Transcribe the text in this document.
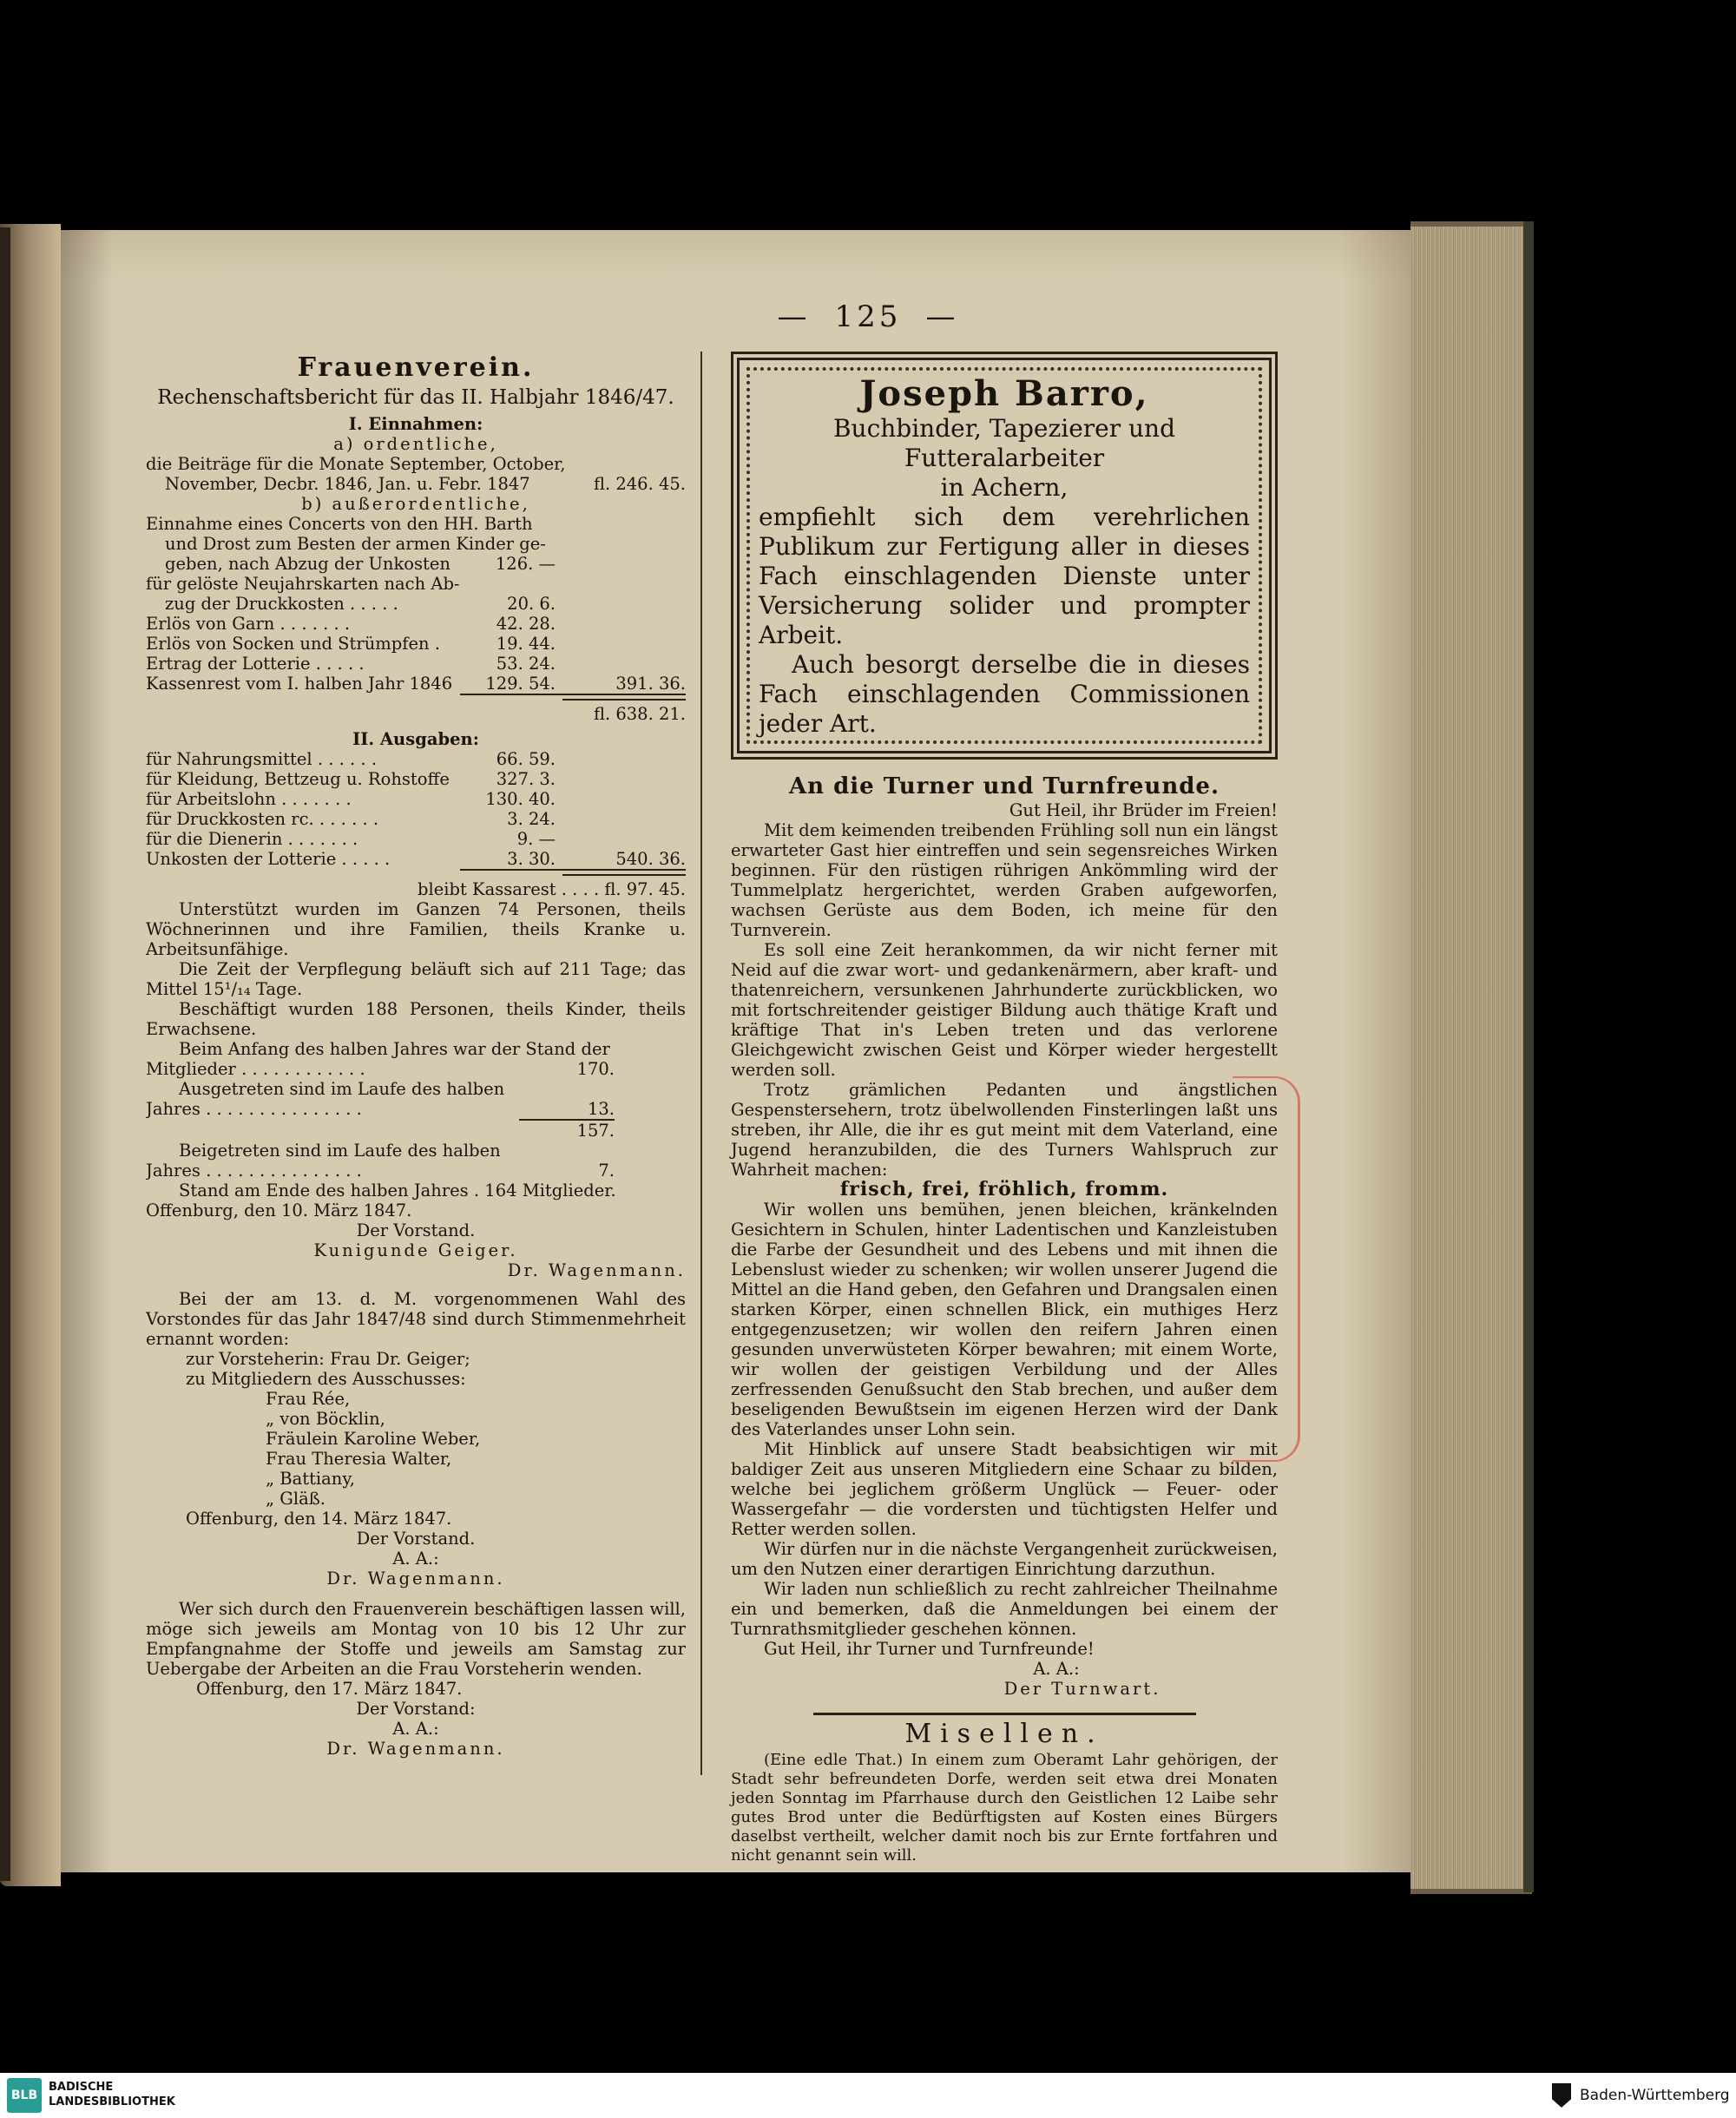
— 125 —
Frauenverein.
Rechenschaftsbericht für das II. Halbjahr 1846/47.
I. Einnahmen:
a) ordentliche,
die Beiträge für die Monate September, October,
November, Decbr. 1846, Jan. u. Febr. 1847	fl. 246. 45.
b) außerordentliche,
Einnahme eines Concerts von den HH. Barth
und Drost zum Besten der armen Kinder ge-
geben, nach Abzug der Unkosten	126. —
für gelöste Neujahrskarten nach Ab-
zug der Druckkosten . . . . .	20. 6.
Erlös von Garn . . . . . . .	42. 28.
Erlös von Socken und Strümpfen .	19. 44.
Ertrag der Lotterie . . . . .	53. 24.
Kassenrest vom I. halben Jahr 1846	129. 54.	391. 36.
fl. 638. 21.
II. Ausgaben:
für Nahrungsmittel . . . . . .	66. 59.
für Kleidung, Bettzeug u. Rohstoffe	327. 3.
für Arbeitslohn . . . . . . .	130. 40.
für Druckkosten rc. . . . . . .	3. 24.
für die Dienerin . . . . . . .	9. —
Unkosten der Lotterie . . . . .	3. 30.	540. 36.
bleibt Kassarest . . . . fl. 97. 45.
Unterstützt wurden im Ganzen 74 Personen, theils Wöchnerinnen und ihre Familien, theils Kranke u. Arbeitsunfähige.
Die Zeit der Verpflegung beläuft sich auf 211 Tage; das Mittel 15¹/₁₄ Tage.
Beschäftigt wurden 188 Personen, theils Kinder, theils Erwachsene.
Beim Anfang des halben Jahres war der Stand der Mitglieder . . . . . . . . . . . .	170.
Ausgetreten sind im Laufe des halben
Jahres . . . . . . . . . . . . . . .	13.
157.
Beigetreten sind im Laufe des halben
Jahres . . . . . . . . . . . . . . .	7.
Stand am Ende des halben Jahres . 164 Mitglieder.
Offenburg, den 10. März 1847.
Der Vorstand.
Kunigunde Geiger.
Dr. Wagenmann.
Bei der am 13. d. M. vorgenommenen Wahl des Vorstondes für das Jahr 1847/48 sind durch Stimmenmehrheit ernannt worden:
zur Vorsteherin: Frau Dr. Geiger;
zu Mitgliedern des Ausschusses:
Frau Rée,
„ von Böcklin,
Fräulein Karoline Weber,
Frau Theresia Walter,
„ Battiany,
„ Gläß.
Offenburg, den 14. März 1847.
Der Vorstand.
A. A.:
Dr. Wagenmann.
Wer sich durch den Frauenverein beschäftigen lassen will, möge sich jeweils am Montag von 10 bis 12 Uhr zur Empfangnahme der Stoffe und jeweils am Samstag zur Uebergabe der Arbeiten an die Frau Vorsteherin wenden.
Offenburg, den 17. März 1847.
Der Vorstand:
A. A.:
Dr. Wagenmann.
Joseph Barro,
Buchbinder, Tapezierer und Futteralarbeiter
in Achern,
empfiehlt sich dem verehrlichen Publikum zur Fertigung aller in dieses Fach einschlagenden Dienste unter Versicherung solider und prompter Arbeit.
Auch besorgt derselbe die in dieses Fach einschlagenden Commissionen jeder Art.
An die Turner und Turnfreunde.
Gut Heil, ihr Brüder im Freien!
Mit dem keimenden treibenden Frühling soll nun ein längst erwarteter Gast hier eintreffen und sein segensreiches Wirken beginnen. Für den rüstigen rührigen Ankömmling wird der Tummelplatz hergerichtet, werden Graben aufgeworfen, wachsen Gerüste aus dem Boden, ich meine für den Turnverein.
Es soll eine Zeit herankommen, da wir nicht ferner mit Neid auf die zwar wort- und gedankenärmern, aber kraft- und thatenreichern, versunkenen Jahrhunderte zurückblicken, wo mit fortschreitender geistiger Bildung auch thätige Kraft und kräftige That in's Leben treten und das verlorene Gleichgewicht zwischen Geist und Körper wieder hergestellt werden soll.
Trotz grämlichen Pedanten und ängstlichen Gespenstersehern, trotz übelwollenden Finsterlingen laßt uns streben, ihr Alle, die ihr es gut meint mit dem Vaterland, eine Jugend heranzubilden, die des Turners Wahlspruch zur Wahrheit machen:
frisch, frei, fröhlich, fromm.
Wir wollen uns bemühen, jenen bleichen, kränkelnden Gesichtern in Schulen, hinter Ladentischen und Kanzleistuben die Farbe der Gesundheit und des Lebens und mit ihnen die Lebenslust wieder zu schenken; wir wollen unserer Jugend die Mittel an die Hand geben, den Gefahren und Drangsalen einen starken Körper, einen schnellen Blick, ein muthiges Herz entgegenzusetzen; wir wollen den reifern Jahren einen gesunden unverwüsteten Körper bewahren; mit einem Worte, wir wollen der geistigen Verbildung und der Alles zerfressenden Genußsucht den Stab brechen, und außer dem beseligenden Bewußtsein im eigenen Herzen wird der Dank des Vaterlandes unser Lohn sein.
Mit Hinblick auf unsere Stadt beabsichtigen wir mit baldiger Zeit aus unseren Mitgliedern eine Schaar zu bilden, welche bei jeglichem größerm Unglück — Feuer- oder Wassergefahr — die vordersten und tüchtigsten Helfer und Retter werden sollen.
Wir dürfen nur in die nächste Vergangenheit zurückweisen, um den Nutzen einer derartigen Einrichtung darzuthun.
Wir laden nun schließlich zu recht zahlreicher Theilnahme ein und bemerken, daß die Anmeldungen bei einem der Turnrathsmitglieder geschehen können.
Gut Heil, ihr Turner und Turnfreunde!
A. A.:
Der Turnwart.
Misellen.
(Eine edle That.) In einem zum Oberamt Lahr gehörigen, der Stadt sehr befreundeten Dorfe, werden seit etwa drei Monaten jeden Sonntag im Pfarrhause durch den Geistlichen 12 Laibe sehr gutes Brod unter die Bedürftigsten auf Kosten eines Bürgers daselbst vertheilt, welcher damit noch bis zur Ernte fortfahren und nicht genannt sein will.
BLB
BADISCHE
LANDESBIBLIOTHEK	Baden-Württemberg
